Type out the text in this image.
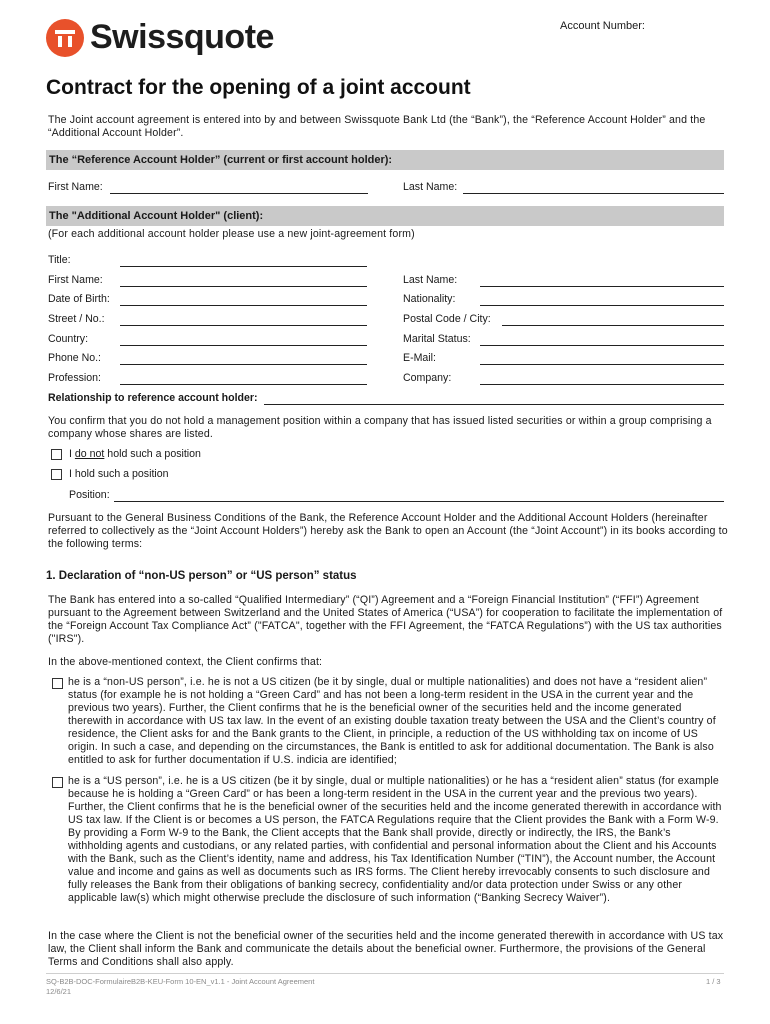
Swissquote	Account Number:
Contract for the opening of a joint account
The Joint account agreement is entered into by and between Swissquote Bank Ltd (the “Bank”), the “Reference Account Holder” and the “Additional Account Holder”.
The “Reference Account Holder” (current or first account holder):
First Name:	Last Name:
The "Additional Account Holder" (client):
(For each additional account holder please use a new joint-agreement form)
Title:
First Name:	Last Name:
Date of Birth:	Nationality:
Street / No.:	Postal Code / City:
Country:	Marital Status:
Phone No.:	E-Mail:
Profession:	Company:
Relationship to reference account holder:
You confirm that you do not hold a management position within a company that has issued listed securities or within a group comprising a company whose shares are listed.
I do not hold such a position
I hold such a position
Position:
Pursuant to the General Business Conditions of the Bank, the Reference Account Holder and the Additional Account Holders (hereinafter referred to collectively as the “Joint Account Holders”) hereby ask the Bank to open an Account (the “Joint Account”) in its books according to the following terms:
1. Declaration of “non-US person” or “US person” status
The Bank has entered into a so-called “Qualified Intermediary” (“QI”) Agreement and a “Foreign Financial Institution” (“FFI”) Agreement pursuant to the Agreement between Switzerland and the United States of America (“USA”) for cooperation to facilitate the implementation of the “Foreign Account Tax Compliance Act” ("FATCA", together with the FFI Agreement, the “FATCA Regulations”) with the US tax authorities ("IRS").
In the above-mentioned context, the Client confirms that:
he is a “non-US person”, i.e. he is not a US citizen (be it by single, dual or multiple nationalities) and does not have a “resident alien” status (for example he is not holding a “Green Card” and has not been a long-term resident in the USA in the current year and the previous two years). Further, the Client confirms that he is the beneficial owner of the securities held and the income generated therewith in accordance with US tax law. In the event of an existing double taxation treaty between the USA and the Client’s country of residence, the Client asks for and the Bank grants to the Client, in principle, a reduction of the US withholding tax on income of US origin. In such a case, and depending on the circumstances, the Bank is entitled to ask for additional documentation. The Bank is also entitled to ask for further documentation if U.S. indicia are identified;
he is a “US person”, i.e. he is a US citizen (be it by single, dual or multiple nationalities) or he has a “resident alien” status (for example because he is holding a “Green Card” or has been a long-term resident in the USA in the current year and the previous two years). Further, the Client confirms that he is the beneficial owner of the securities held and the income generated therewith in accordance with US tax law. If the Client is or becomes a US person, the FATCA Regulations require that the Client provides the Bank with a Form W-9. By providing a Form W-9 to the Bank, the Client accepts that the Bank shall provide, directly or indirectly, the IRS, the Bank’s withholding agents and custodians, or any related parties, with confidential and personal information about the Client and his Accounts with the Bank, such as the Client’s identity, name and address, his Tax Identification Number (“TIN”), the Account number, the Account value and income and gains as well as documents such as IRS forms. The Client hereby irrevocably consents to such disclosure and fully releases the Bank from their obligations of banking secrecy, confidentiality and/or data protection under Swiss or any other applicable law(s) which might otherwise preclude the disclosure of such information (“Banking Secrecy Waiver”).
In the case where the Client is not the beneficial owner of the securities held and the income generated therewith in accordance with US tax law, the Client shall inform the Bank and communicate the details about the beneficial owner. Furthermore, the provisions of the General Terms and Conditions shall also apply.
SQ-B2B-DOC-FormulaireB2B-KEU-Form 10-EN_v1.1 - Joint Account Agreement
12/6/21
1 / 3
